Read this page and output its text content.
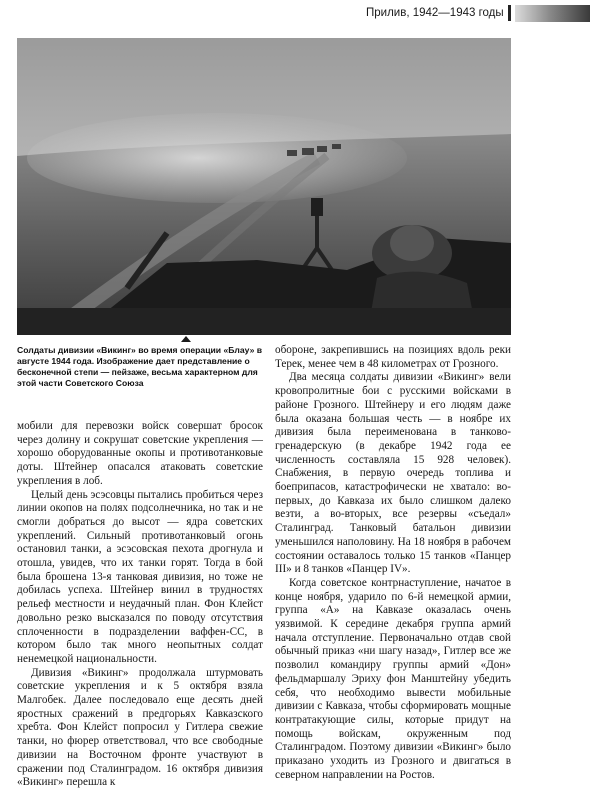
Прилив, 1942—1943 годы

Солдаты дивизии «Викинг» во время операции «Блау» в августе 1944 года. Изображение дает представление о бесконечной степи — пейзаже, весьма характерном для этой части Советского Союза

мобили для перевозки войск совершат бросок через долину и сокрушат советские укрепления — хорошо оборудованные окопы и противотанковые доты. Штейнер опасался атаковать советские укрепления в лоб.

Целый день эсэсовцы пытались пробиться через линии окопов на полях подсолнечника, но так и не смогли добраться до высот — ядра советских укреплений. Сильный противотанковый огонь остановил танки, а эсэсовская пехота дрогнула и отошла, увидев, что их танки горят. Тогда в бой была брошена 13-я танковая дивизия, но тоже не добилась успеха. Штейнер винил в трудностях рельеф местности и неудачный план. Фон Клейст довольно резко высказался по поводу отсутствия сплоченности в подразделении ваффен-СС, в котором было так много неопытных солдат ненемецкой национальности.

Дивизия «Викинг» продолжала штурмовать советские укрепления и к 5 октября взяла Малгобек. Далее последовало еще десять дней яростных сражений в предгорьях Кавказского хребта. Фон Клейст попросил у Гитлера свежие танки, но фюрер ответствовал, что все свободные дивизии на Восточном фронте участвуют в сражении под Сталинградом. 16 октября дивизия «Викинг» перешла к

обороне, закрепившись на позициях вдоль реки Терек, менее чем в 48 километрах от Грозного.

Два месяца солдаты дивизии «Викинг» вели кровопролитные бои с русскими войсками в районе Грозного. Штейнеру и его людям даже была оказана большая честь — в ноябре их дивизия была переименована в танково-гренадерскую (в декабре 1942 года ее численность составляла 15 928 человек). Снабжения, в первую очередь топлива и боеприпасов, катастрофически не хватало: во-первых, до Кавказа их было слишком далеко везти, а во-вторых, все резервы «съедал» Сталинград. Танковый батальон дивизии уменьшился наполовину. На 18 ноября в рабочем состоянии оставалось только 15 танков «Панцер III» и 8 танков «Панцер IV».

Когда советское контрнаступление, начатое в конце ноября, ударило по 6-й немецкой армии, группа «А» на Кавказе оказалась очень уязвимой. К середине декабря группа армий начала отступление. Первоначально отдав свой обычный приказ «ни шагу назад», Гитлер все же позволил командиру группы армий «Дон» фельдмаршалу Эриху фон Манштейну убедить себя, что необходимо вывести мобильные дивизии с Кавказа, чтобы сформировать мощные контратакующие силы, которые придут на помощь войскам, окруженным под Сталинградом. Поэтому дивизии «Викинг» было приказано уходить из Грозного и двигаться в северном направлении на Ростов.
